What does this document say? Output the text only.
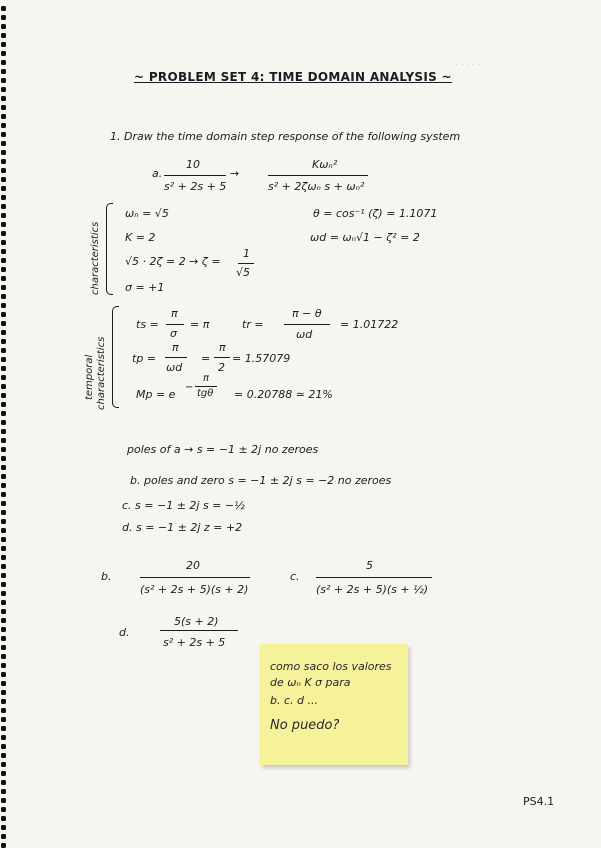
. . . . . .
~ PROBLEM SET 4: TIME DOMAIN ANALYSIS ~
1. Draw the time domain step response of the following system
a.
10
s² + 2s + 5
→
Kωₙ²
s² + 2ζωₙ s + ωₙ²
characteristics
ωₙ = √5
K = 2
√5 · 2ζ = 2 → ζ =
1
√5
σ = +1
θ = cos⁻¹ (ζ) = 1.1071
ωd = ωₙ√1 − ζ² = 2
temporal characteristics
ts =
π
σ
= π	tr =
π − θ
ωd
= 1.01722
tp =
π
ωd
=
π
2
= 1.57079
Mp = e
−
π
tgθ = 0.20788 ≃ 21%
poles of a → s = −1 ± 2j no zeroes
b. poles and zero s = −1 ± 2j s = −2 no zeroes
c. s = −1 ± 2j s = −½
d. s = −1 ± 2j z = +2
b.
20
(s² + 2s + 5)(s + 2)
c.
5
(s² + 2s + 5)(s + ½)
d.
5(s + 2)
s² + 2s + 5
como saco los valores
de ωₙ K σ para
b. c. d ...
No puedo?
PS4.1
